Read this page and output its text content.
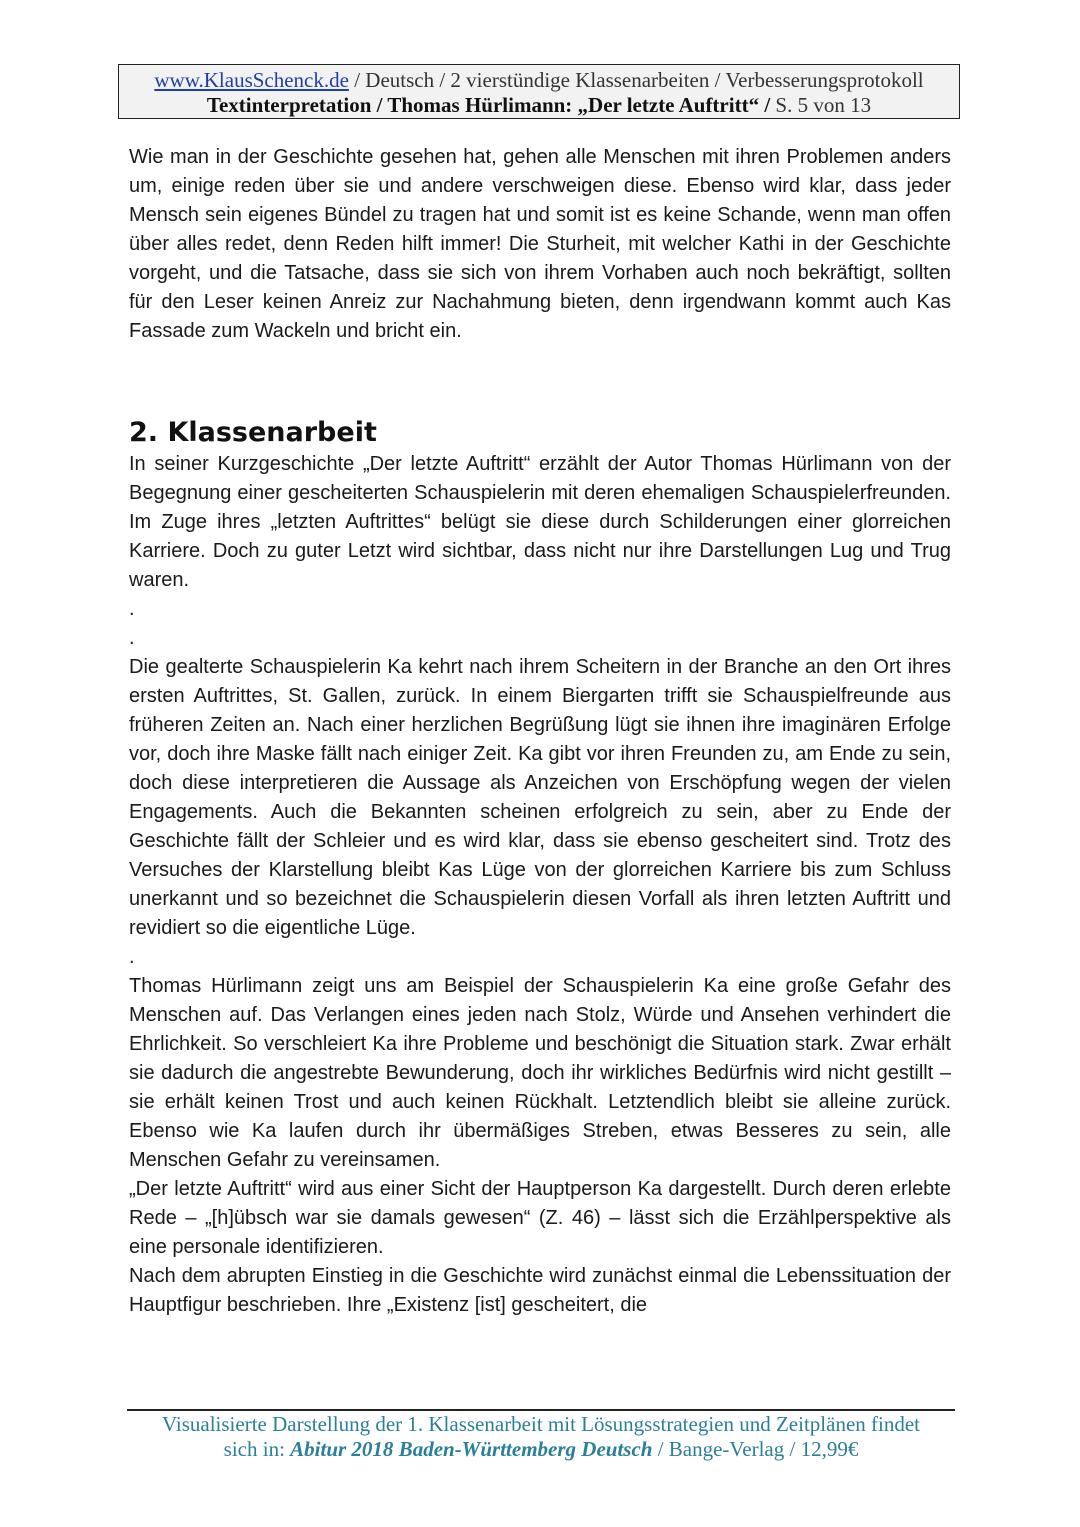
www.KlausSchenck.de / Deutsch / 2 vierstündige Klassenarbeiten / Verbesserungsprotokoll
Textinterpretation / Thomas Hürlimann: „Der letzte Auftritt“ / S. 5 von 13

Wie man in der Geschichte gesehen hat, gehen alle Menschen mit ihren Problemen anders um, einige reden über sie und andere verschweigen diese. Ebenso wird klar, dass jeder Mensch sein eigenes Bündel zu tragen hat und somit ist es keine Schande, wenn man offen über alles redet, denn Reden hilft immer! Die Sturheit, mit welcher Kathi in der Geschichte vorgeht, und die Tatsache, dass sie sich von ihrem Vorhaben auch noch bekräftigt, sollten für den Leser keinen Anreiz zur Nachahmung bieten, denn irgendwann kommt auch Kas Fassade zum Wackeln und bricht ein.

2. Klassenarbeit

In seiner Kurzgeschichte „Der letzte Auftritt“ erzählt der Autor Thomas Hürlimann von der Begegnung einer gescheiterten Schauspielerin mit deren ehemaligen Schauspielerfreunden. Im Zuge ihres „letzten Auftrittes“ belügt sie diese durch Schilderungen einer glorreichen Karriere. Doch zu guter Letzt wird sichtbar, dass nicht nur ihre Darstellungen Lug und Trug waren.

.

.

Die gealterte Schauspielerin Ka kehrt nach ihrem Scheitern in der Branche an den Ort ihres ersten Auftrittes, St. Gallen, zurück. In einem Biergarten trifft sie Schauspielfreunde aus früheren Zeiten an. Nach einer herzlichen Begrüßung lügt sie ihnen ihre imaginären Erfolge vor, doch ihre Maske fällt nach einiger Zeit. Ka gibt vor ihren Freunden zu, am Ende zu sein, doch diese interpretieren die Aussage als Anzeichen von Erschöpfung wegen der vielen Engagements. Auch die Bekannten scheinen erfolgreich zu sein, aber zu Ende der Geschichte fällt der Schleier und es wird klar, dass sie ebenso gescheitert sind. Trotz des Versuches der Klarstellung bleibt Kas Lüge von der glorreichen Karriere bis zum Schluss unerkannt und so bezeichnet die Schauspielerin diesen Vorfall als ihren letzten Auftritt und revidiert so die eigentliche Lüge.

.

Thomas Hürlimann zeigt uns am Beispiel der Schauspielerin Ka eine große Gefahr des Menschen auf. Das Verlangen eines jeden nach Stolz, Würde und Ansehen verhindert die Ehrlichkeit. So verschleiert Ka ihre Probleme und beschönigt die Situation stark. Zwar erhält sie dadurch die angestrebte Bewunderung, doch ihr wirkliches Bedürfnis wird nicht gestillt – sie erhält keinen Trost und auch keinen Rückhalt. Letztendlich bleibt sie alleine zurück. Ebenso wie Ka laufen durch ihr übermäßiges Streben, etwas Besseres zu sein, alle Menschen Gefahr zu vereinsamen.

„Der letzte Auftritt“ wird aus einer Sicht der Hauptperson Ka dargestellt. Durch deren erlebte Rede – „[h]übsch war sie damals gewesen“ (Z. 46) – lässt sich die Erzählperspektive als eine personale identifizieren.

Nach dem abrupten Einstieg in die Geschichte wird zunächst einmal die Lebenssituation der Hauptfigur beschrieben. Ihre „Existenz [ist] gescheitert, die

Visualisierte Darstellung der 1. Klassenarbeit mit Lösungsstrategien und Zeitplänen findet
sich in: Abitur 2018 Baden-Württemberg Deutsch / Bange-Verlag / 12,99€
